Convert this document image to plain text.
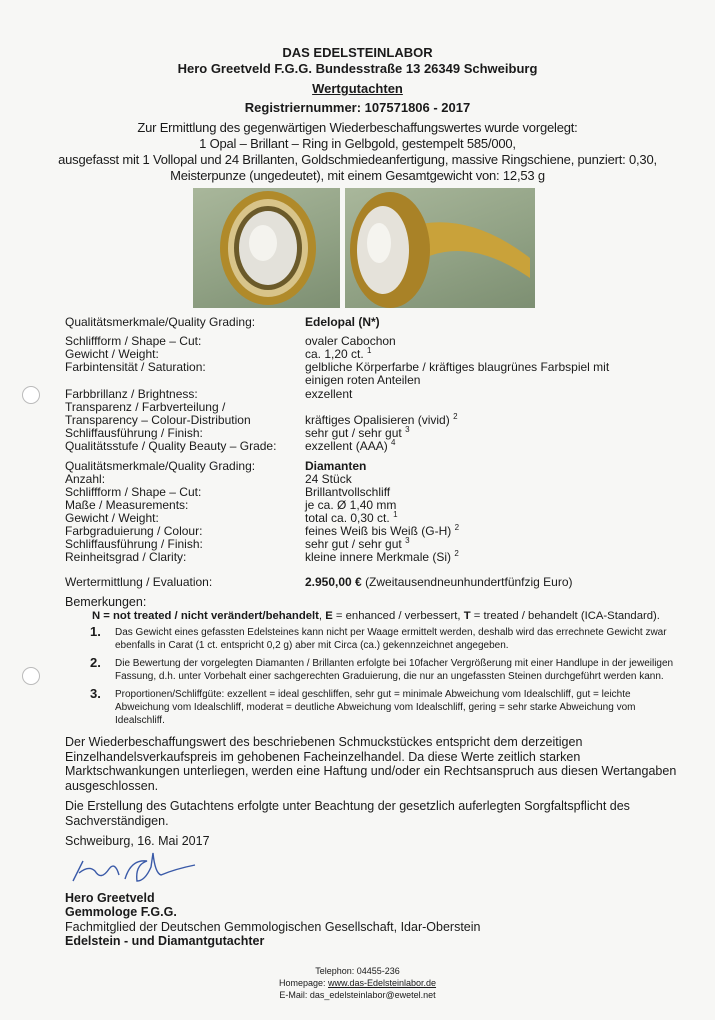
DAS EDELSTEINLABOR
Hero Greetveld F.G.G. Bundesstraße 13 26349 Schweiburg
Wertgutachten
Registriernummer: 107571806 - 2017
Zur Ermittlung des gegenwärtigen Wiederbeschaffungswertes wurde vorgelegt:
1 Opal – Brillant – Ring in Gelbgold, gestempelt 585/000,
ausgefasst mit 1 Vollopal und 24 Brillanten, Goldschmiedeanfertigung, massive Ringschiene, punziert: 0,30,
Meisterpunze (ungedeutet), mit einem Gesamtgewicht von: 12,53 g
Qualitätsmerkmale/Quality Grading:	Edelopal (N*)
Schliffform / Shape – Cut:	ovaler Cabochon
Gewicht / Weight:	ca. 1,20 ct. $^1$
Farbintensität / Saturation:	gelbliche Körperfarbe / kräftiges blaugrünes Farbspiel mit
einigen roten Anteilen
Farbbrillanz / Brightness:	exzellent
Transparenz / Farbverteilung /
Transparency – Colour-Distribution	kräftiges Opalisieren (vivid) $^2$
Schliffausführung / Finish:	sehr gut / sehr gut $^3$
Qualitätsstufe / Quality Beauty – Grade:	exzellent (AAA) $^4$
Qualitätsmerkmale/Quality Grading:	Diamanten
Anzahl:	24 Stück
Schliffform / Shape – Cut:	Brillantvollschliff
Maße / Measurements:	je ca. Ø 1,40 mm
Gewicht / Weight:	total ca. 0,30 ct. $^1$
Farbgraduierung / Colour:	feines Weiß bis Weiß (G-H) $^2$
Schliffausführung / Finish:	sehr gut / sehr gut $^3$
Reinheitsgrad / Clarity:	kleine innere Merkmale (Si) $^2$
Wertermittlung / Evaluation:	2.950,00 € (Zweitausendneunhundertfünfzig Euro)
Bemerkungen:
N = not treated / nicht verändert/behandelt, E = enhanced / verbessert, T = treated / behandelt (ICA-Standard).
1. Das Gewicht eines gefassten Edelsteines kann nicht per Waage ermittelt werden, deshalb wird das errechnete Gewicht zwar ebenfalls in Carat (1 ct. entspricht 0,2 g) aber mit Circa (ca.) gekennzeichnet angegeben.
2. Die Bewertung der vorgelegten Diamanten / Brillanten erfolgte bei 10facher Vergrößerung mit einer Handlupe in der jeweiligen Fassung, d.h. unter Vorbehalt einer sachgerechten Graduierung, die nur an ungefassten Steinen durchgeführt werden kann.
3. Proportionen/Schliffgüte: exzellent = ideal geschliffen, sehr gut = minimale Abweichung vom Idealschliff, gut = leichte Abweichung vom Idealschliff, moderat = deutliche Abweichung vom Idealschliff, gering = sehr starke Abweichung vom Idealschliff.
Der Wiederbeschaffungswert des beschriebenen Schmuckstückes entspricht dem derzeitigen Einzelhandelsverkaufspreis im gehobenen Facheinzelhandel. Da diese Werte zeitlich starken Marktschwankungen unterliegen, werden eine Haftung und/oder ein Rechtsanspruch aus diesen Wertangaben ausgeschlossen.
Die Erstellung des Gutachtens erfolgte unter Beachtung der gesetzlich auferlegten Sorgfaltspflicht des Sachverständigen.
Schweiburg, 16. Mai 2017
Hero Greetveld
Gemmologe F.G.G.
Fachmitglied der Deutschen Gemmologischen Gesellschaft, Idar-Oberstein
Edelstein - und Diamantgutachter
Telephon: 04455-236
Homepage: www.das-Edelsteinlabor.de
E-Mail: das_edelsteinlabor@ewetel.net
